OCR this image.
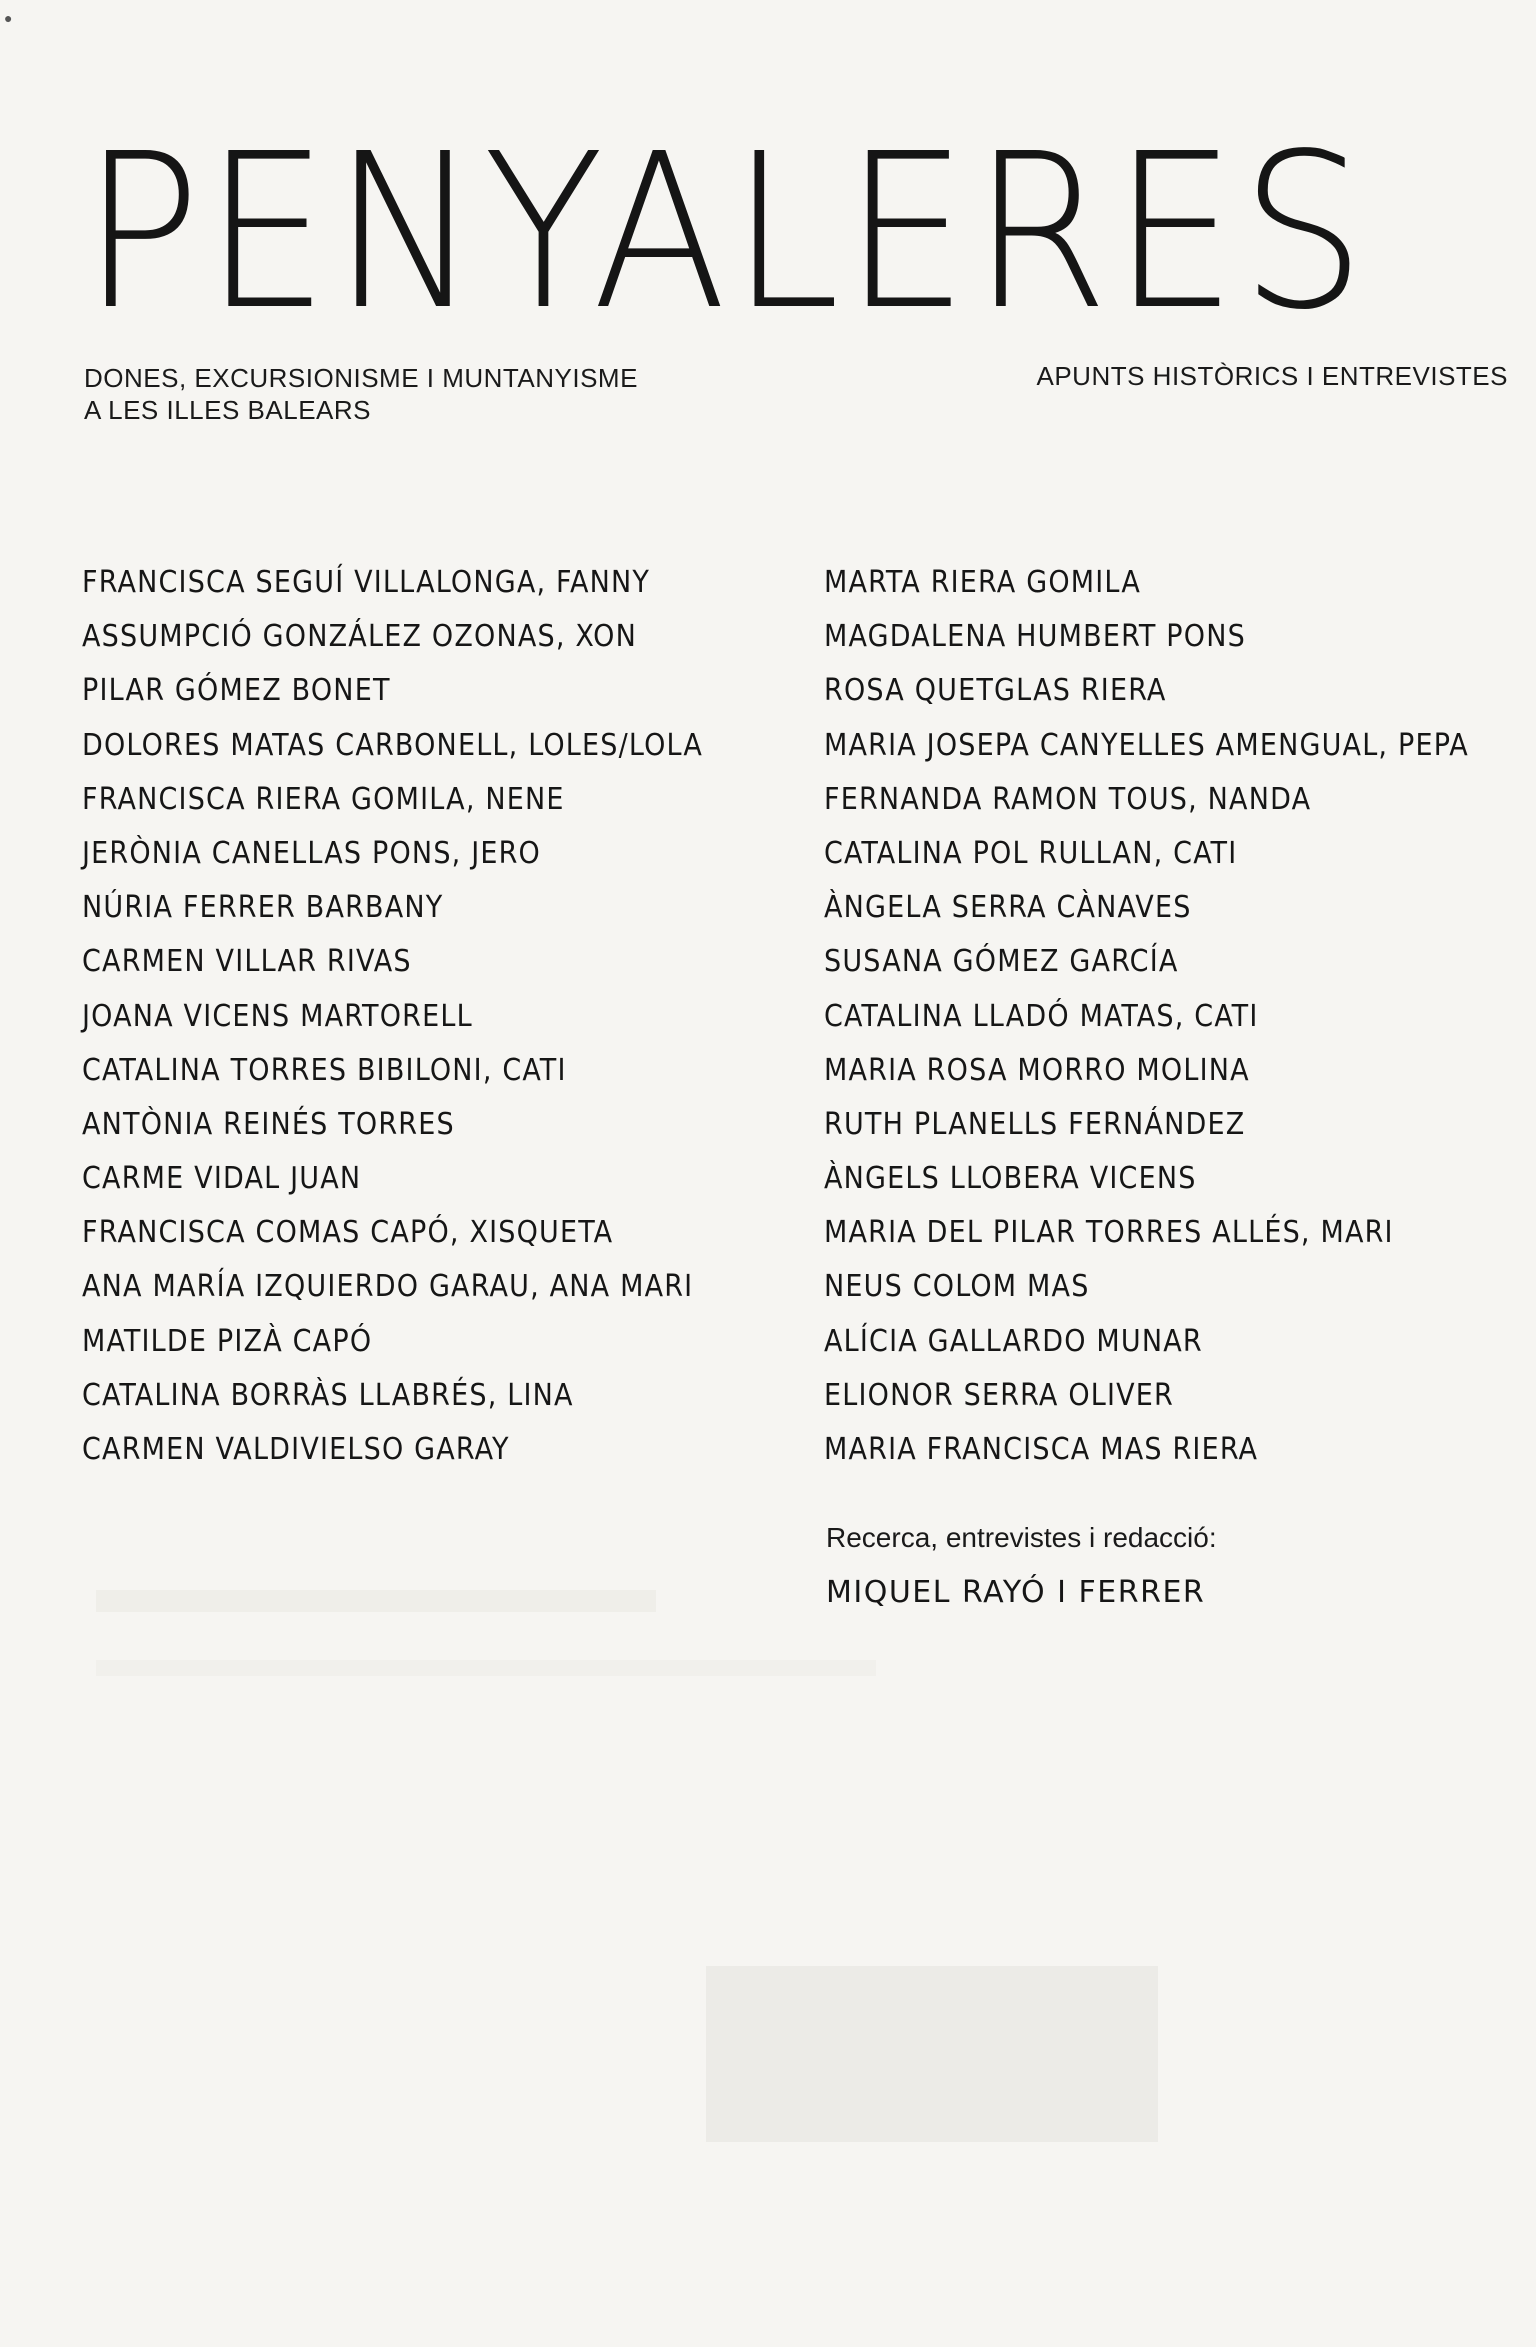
●
PENYALERES
DONES, EXCURSIONISME I MUNTANYISME
A LES ILLES BALEARS
APUNTS HISTÒRICS I ENTREVISTES
FRANCISCA SEGUÍ VILLALONGA, FANNY
ASSUMPCIÓ GONZÁLEZ OZONAS, XON
PILAR GÓMEZ BONET
DOLORES MATAS CARBONELL, LOLES/LOLA
FRANCISCA RIERA GOMILA, NENE
JERÒNIA CANELLAS PONS, JERO
NÚRIA FERRER BARBANY
CARMEN VILLAR RIVAS
JOANA VICENS MARTORELL
CATALINA TORRES BIBILONI, CATI
ANTÒNIA REINÉS TORRES
CARME VIDAL JUAN
FRANCISCA COMAS CAPÓ, XISQUETA
ANA MARÍA IZQUIERDO GARAU, ANA MARI
MATILDE PIZÀ CAPÓ
CATALINA BORRÀS LLABRÉS, LINA
CARMEN VALDIVIELSO GARAY
MARTA RIERA GOMILA
MAGDALENA HUMBERT PONS
ROSA QUETGLAS RIERA
MARIA JOSEPA CANYELLES AMENGUAL, PEPA
FERNANDA RAMON TOUS, NANDA
CATALINA POL RULLAN, CATI
ÀNGELA SERRA CÀNAVES
SUSANA GÓMEZ GARCÍA
CATALINA LLADÓ MATAS, CATI
MARIA ROSA MORRO MOLINA
RUTH PLANELLS FERNÁNDEZ
ÀNGELS LLOBERA VICENS
MARIA DEL PILAR TORRES ALLÉS, MARI
NEUS COLOM MAS
ALÍCIA GALLARDO MUNAR
ELIONOR SERRA OLIVER
MARIA FRANCISCA MAS RIERA
Recerca, entrevistes i redacció:
MIQUEL RAYÓ I FERRER
